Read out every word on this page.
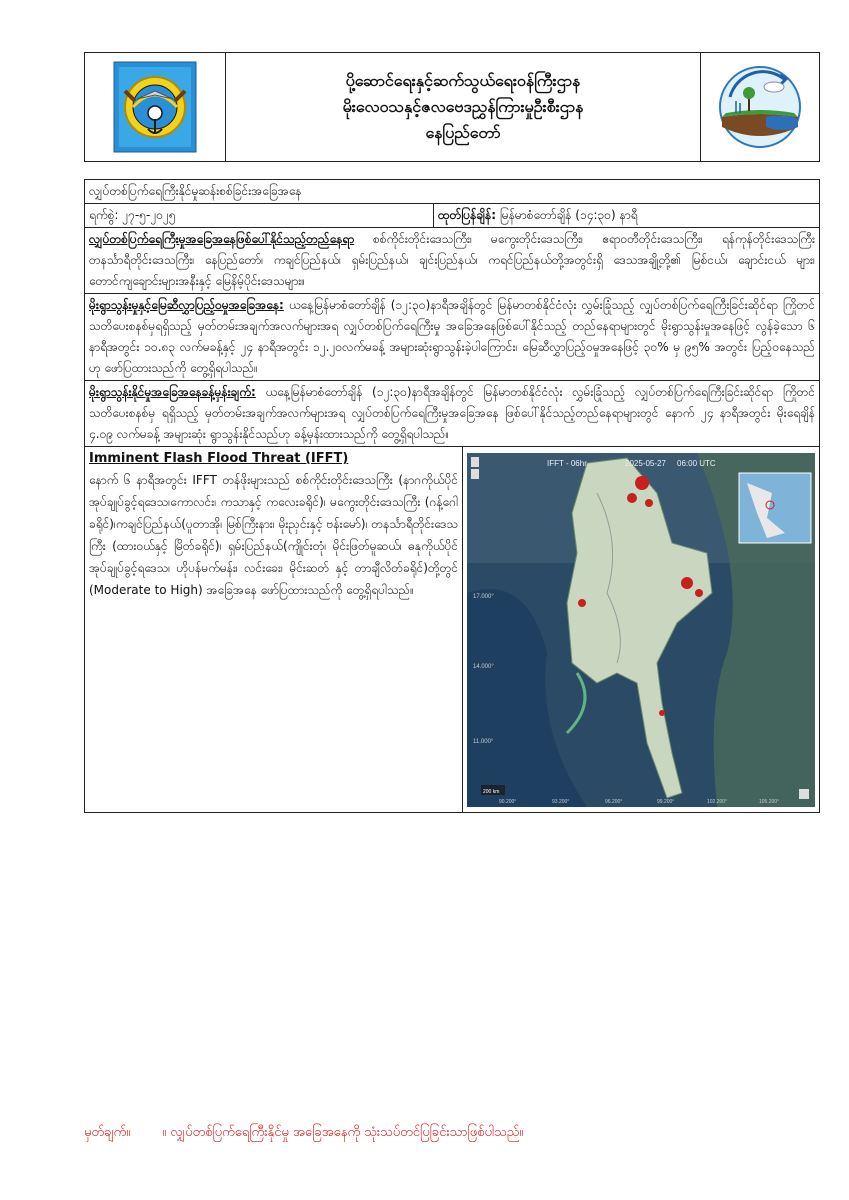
ပို့ဆောင်ရေးနှင့်ဆက်သွယ်ရေးဝန်ကြီးဌာန
မိုးလေဝသနှင့်ဇလဗေဒညွှန်ကြားမှုဦးစီးဌာန
နေပြည်တော်
လျှပ်တစ်ပြက်ရေကြီးနိုင်မှုဆန်းစစ်ခြင်းအခြေအနေ
ရက်စွဲ: ၂၇-၅-၂၀၂၅	ထုတ်ပြန်ချိန်: မြန်မာစံတော်ချိန် (၁၄:၃၀) နာရီ
လျှပ်တစ်ပြက်ရေကြီးမှုအခြေအနေဖြစ်ပေါ်နိုင်သည့်တည်နေရာ စစ်ကိုင်းတိုင်းဒေသကြီး၊ မကွေးတိုင်းဒေသကြီး၊ ဧရာဝတီတိုင်းဒေသကြီး၊ ရန်ကုန်တိုင်းဒေသကြီးတနင်္သာရီတိုင်းဒေသကြီး၊ နေပြည်တော်၊ ကချင်ပြည်နယ်၊ ရှမ်းပြည်နယ်၊ ချင်းပြည်နယ်၊ ကရင်ပြည်နယ်တို့အတွင်းရှိ ဒေသအချို့တို့၏ မြစ်ငယ်၊ ချောင်းငယ် များ၊ တောင်ကျချောင်းများအနီးနှင့် မြေနိမ့်ပိုင်းဒေသများ။
မိုးရွာသွန်းမှုနှင့်မြေဆီလွှာပြည့်ဝမှုအခြေအနေ: ယနေ့မြန်မာစံတော်ချိန် (၁၂:၃၀)နာရီအချိန်တွင် မြန်မာတစ်နိုင်ငံလုံး လွှမ်းခြုံသည့် လျှပ်တစ်ပြက်ရေကြီးခြင်းဆိုင်ရာ ကြိုတင်သတိပေးစနစ်မှရရှိသည့် မှတ်တမ်းအချက်အလက်များအရ လျှပ်တစ်ပြက်ရေကြီးမှု အခြေအနေဖြစ်ပေါ်နိုင်သည့် တည်နေရာများတွင် မိုးရွာသွန်းမှုအနေဖြင့် လွန်ခဲ့သော ၆ နာရီအတွင်း ၁၀.၈၃ လက်မခန့်နှင့် ၂၄ နာရီအတွင်း ၁၂.၂၀လက်မခန့် အများဆုံးရွာသွန်းခဲ့ပါကြောင်း၊ မြေဆီလွှာပြည့်ဝမှုအနေဖြင့် ၃၀% မှ ၉၅% အတွင်း ပြည့်ဝနေသည်ဟု ဖော်ပြထားသည်ကို တွေ့ရှိရပါသည်။
မိုးရွာသွန်းနိုင်မှုအခြေအနေခန့်မှန်းချက်: ယနေ့မြန်မာစံတော်ချိန် (၁၂:၃၀)နာရီအချိန်တွင် မြန်မာတစ်နိုင်ငံလုံး လွှမ်းခြုံသည့် လျှပ်တစ်ပြက်ရေကြီးခြင်းဆိုင်ရာ ကြိုတင်သတိပေးစနစ်မှ ရရှိသည့် မှတ်တမ်းအချက်အလက်များအရ လျှပ်တစ်ပြက်ရေကြီးမှုအခြေအနေ ဖြစ်ပေါ်နိုင်သည့်တည်နေရာများတွင် နောက် ၂၄ နာရီအတွင်း မိုးရေချိန် ၄.၀၉ လက်မခန့် အများဆုံး ရွာသွန်းနိုင်သည်ဟု ခန့်မှန်းထားသည်ကို တွေ့ရှိရပါသည်။
Imminent Flash Flood Threat (IFFT)
နောက် ၆ နာရီအတွင်း IFFT တန်ဖိုးများသည် စစ်ကိုင်းတိုင်းဒေသကြီး (နာဂကိုယ်ပိုင်အုပ်ချုပ်ခွင့်ရဒေသ၊ကောလင်း၊ ကသာနှင့် ကလေးခရိုင်)၊ မကွေးတိုင်းဒေသကြီး (ဂန့်ဂေါခရိုင်)၊ကချင်ပြည်နယ်(ပူတာအို၊ မြစ်ကြီးနား၊ မိုးညှင်းနှင့် ဗန်းမော်)၊ တနင်္သာရီတိုင်းဒေသကြီး (ထားဝယ်နှင့် မြိတ်ခရိုင်)၊ ရှမ်းပြည်နယ်(ကျိုင်းတုံ၊ မိုင်းဖြတ်မူဆယ်၊ ဓနုကိုယ်ပိုင်အုပ်ချုပ်ခွင့်ရဒေသ၊ ဟိုပန်မက်မန်း၊ လင်းခေး၊ မိုင်းဆတ် နှင့် တာချီလိတ်ခရိုင်)တို့တွင် (Moderate to High) အခြေအနေ ဖော်ပြထားသည်ကို တွေ့ရှိရပါသည်။
IFFT - 06hr	2025-05-27 06:00 UTC
17.000°
14.000°
11.000°
90.200°	93.200°	96.200°	99.200°	102.200°	105.200°
200 km
မှတ်ချက်။ ။ လျှပ်တစ်ပြက်ရေကြီးနိုင်မှု အခြေအနေကို သုံးသပ်တင်ပြခြင်းသာဖြစ်ပါသည်။
